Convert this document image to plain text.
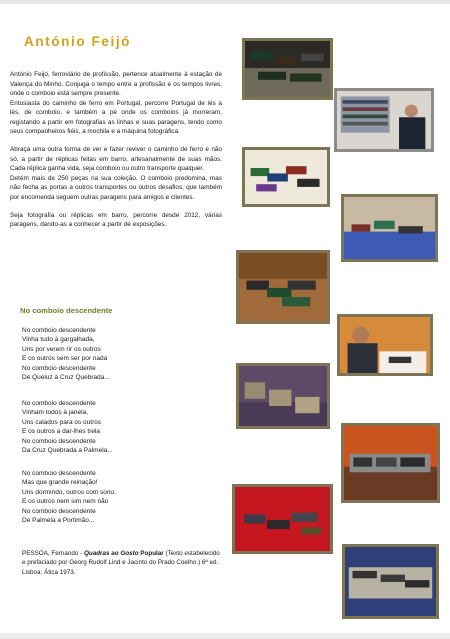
António Feijó

António Feijó, ferroviário de profissão, pertence atualmente à estação de Valença do Minho. Conjuga o tempo entre a profissão e os tempos livres, onde o comboio está sempre presente.

Entusiasta do caminho de ferro em Portugal, percorre Portugal de lés a lés, de comboio, e também a pé onde os comboios já morreram, registando a partir em fotografias as linhas e suas paragens, tendo como seus companheiros fiéis, a mochila e a máquina fotográfica.

Abraça uma outra forma de ver e fazer reviver o caminho de ferro e não só, a partir de réplicas feitas em barro, artesanalmente de suas mãos. Cada réplica ganha vida, seja comboio ou outro transporte qualquer.

Detém mais de 250 peças na sua coleção. O comboio predomina, mas não fecha as portas a outros transportes ou outros desafios, que também por encomenda seguem outras paragens para amigos e clientes.

Seja fotografia ou réplicas em barro, percorre desde 2012, várias paragens, dando-as a conhecer a partir de exposições.

No comboio descendente
No comboio descendente
Vinha tudo à gargalhada,
Uns por verem rir os outros
E os outros sem ser por nada
No comboio descendente
De Queluz à Cruz Quebrada...
No comboio descendente
Vinham todos à janela,
Uns calados para os outros
E os outros a dar-lhes trela
No comboio descendente
Da Cruz Quebrada a Palmela...
No comboio descendente
Mas que grande reinação!
Uns dormindo, outros com sono,
E os outros nem sim nem não
No comboio descendente
De Palmela a Portimão...
PESSOA, Fernando - Quadras ao Gosto Popular (Texto estabelecido e prefaciado por Georg Rudolf Lind e Jacinto do Prado Coelho.) 6ª ed. Lisboa: Ática 1973.
